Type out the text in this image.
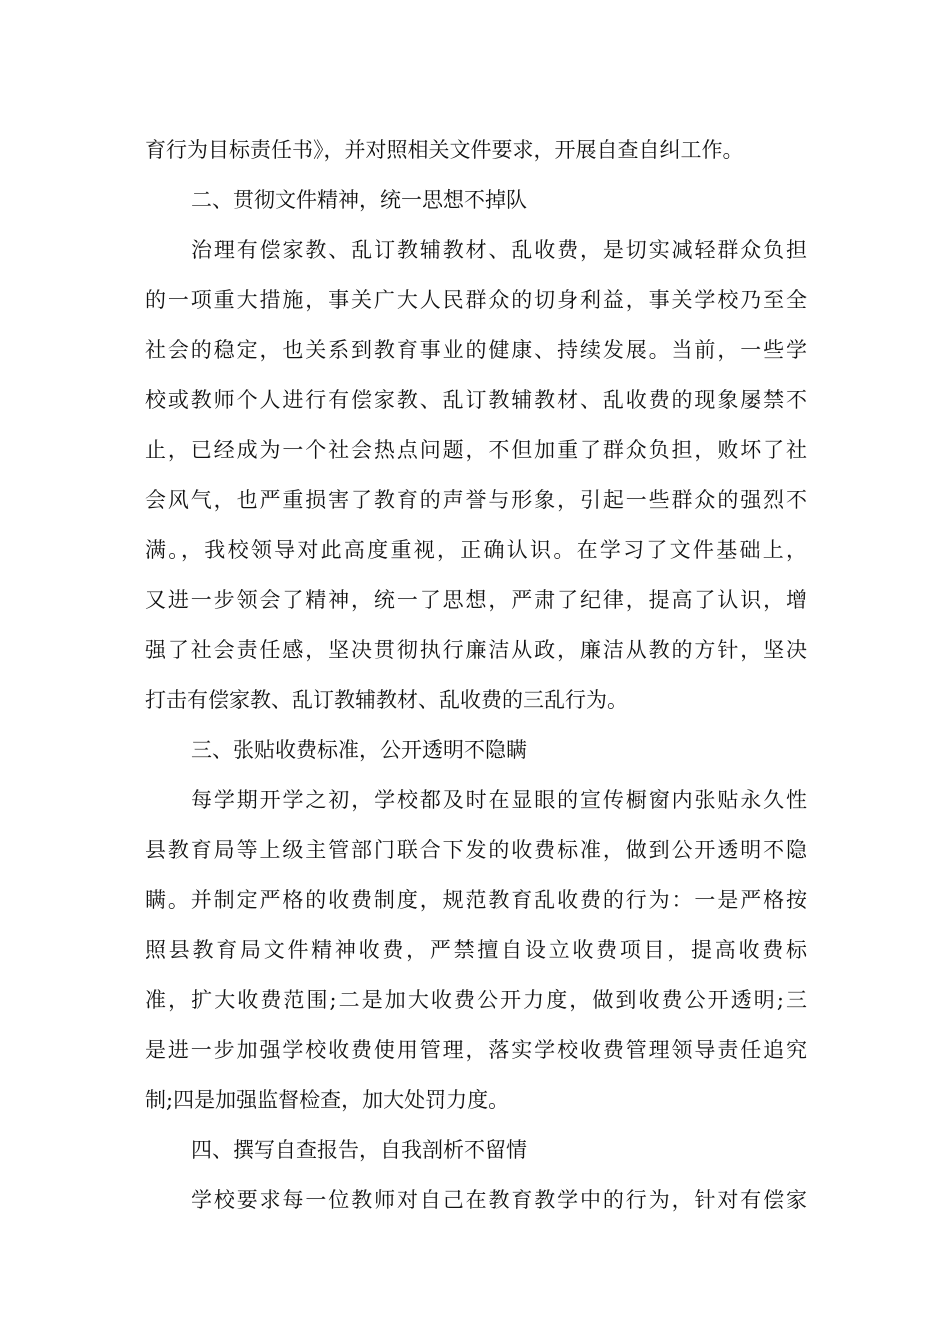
育行为目标责任书》，并对照相关文件要求，开展自查自纠工作。
二、贯彻文件精神，统一思想不掉队
治理有偿家教、乱订教辅教材、乱收费，是切实减轻群众负担
的一项重大措施，事关广大人民群众的切身利益，事关学校乃至全
社会的稳定，也关系到教育事业的健康、持续发展。当前，一些学
校或教师个人进行有偿家教、乱订教辅教材、乱收费的现象屡禁不
止，已经成为一个社会热点问题，不但加重了群众负担，败坏了社
会风气，也严重损害了教育的声誉与形象，引起一些群众的强烈不
满。，我校领导对此高度重视，正确认识。在学习了文件基础上，
又进一步领会了精神，统一了思想，严肃了纪律，提高了认识，增
强了社会责任感，坚决贯彻执行廉洁从政，廉洁从教的方针，坚决
打击有偿家教、乱订教辅教材、乱收费的三乱行为。
三、张贴收费标准，公开透明不隐瞒
每学期开学之初，学校都及时在显眼的宣传橱窗内张贴永久性
县教育局等上级主管部门联合下发的收费标准，做到公开透明不隐
瞒。并制定严格的收费制度，规范教育乱收费的行为：一是严格按
照县教育局文件精神收费，严禁擅自设立收费项目，提高收费标
准，扩大收费范围;二是加大收费公开力度，做到收费公开透明;三
是进一步加强学校收费使用管理，落实学校收费管理领导责任追究
制;四是加强监督检查，加大处罚力度。
四、撰写自查报告，自我剖析不留情
学校要求每一位教师对自己在教育教学中的行为，针对有偿家
